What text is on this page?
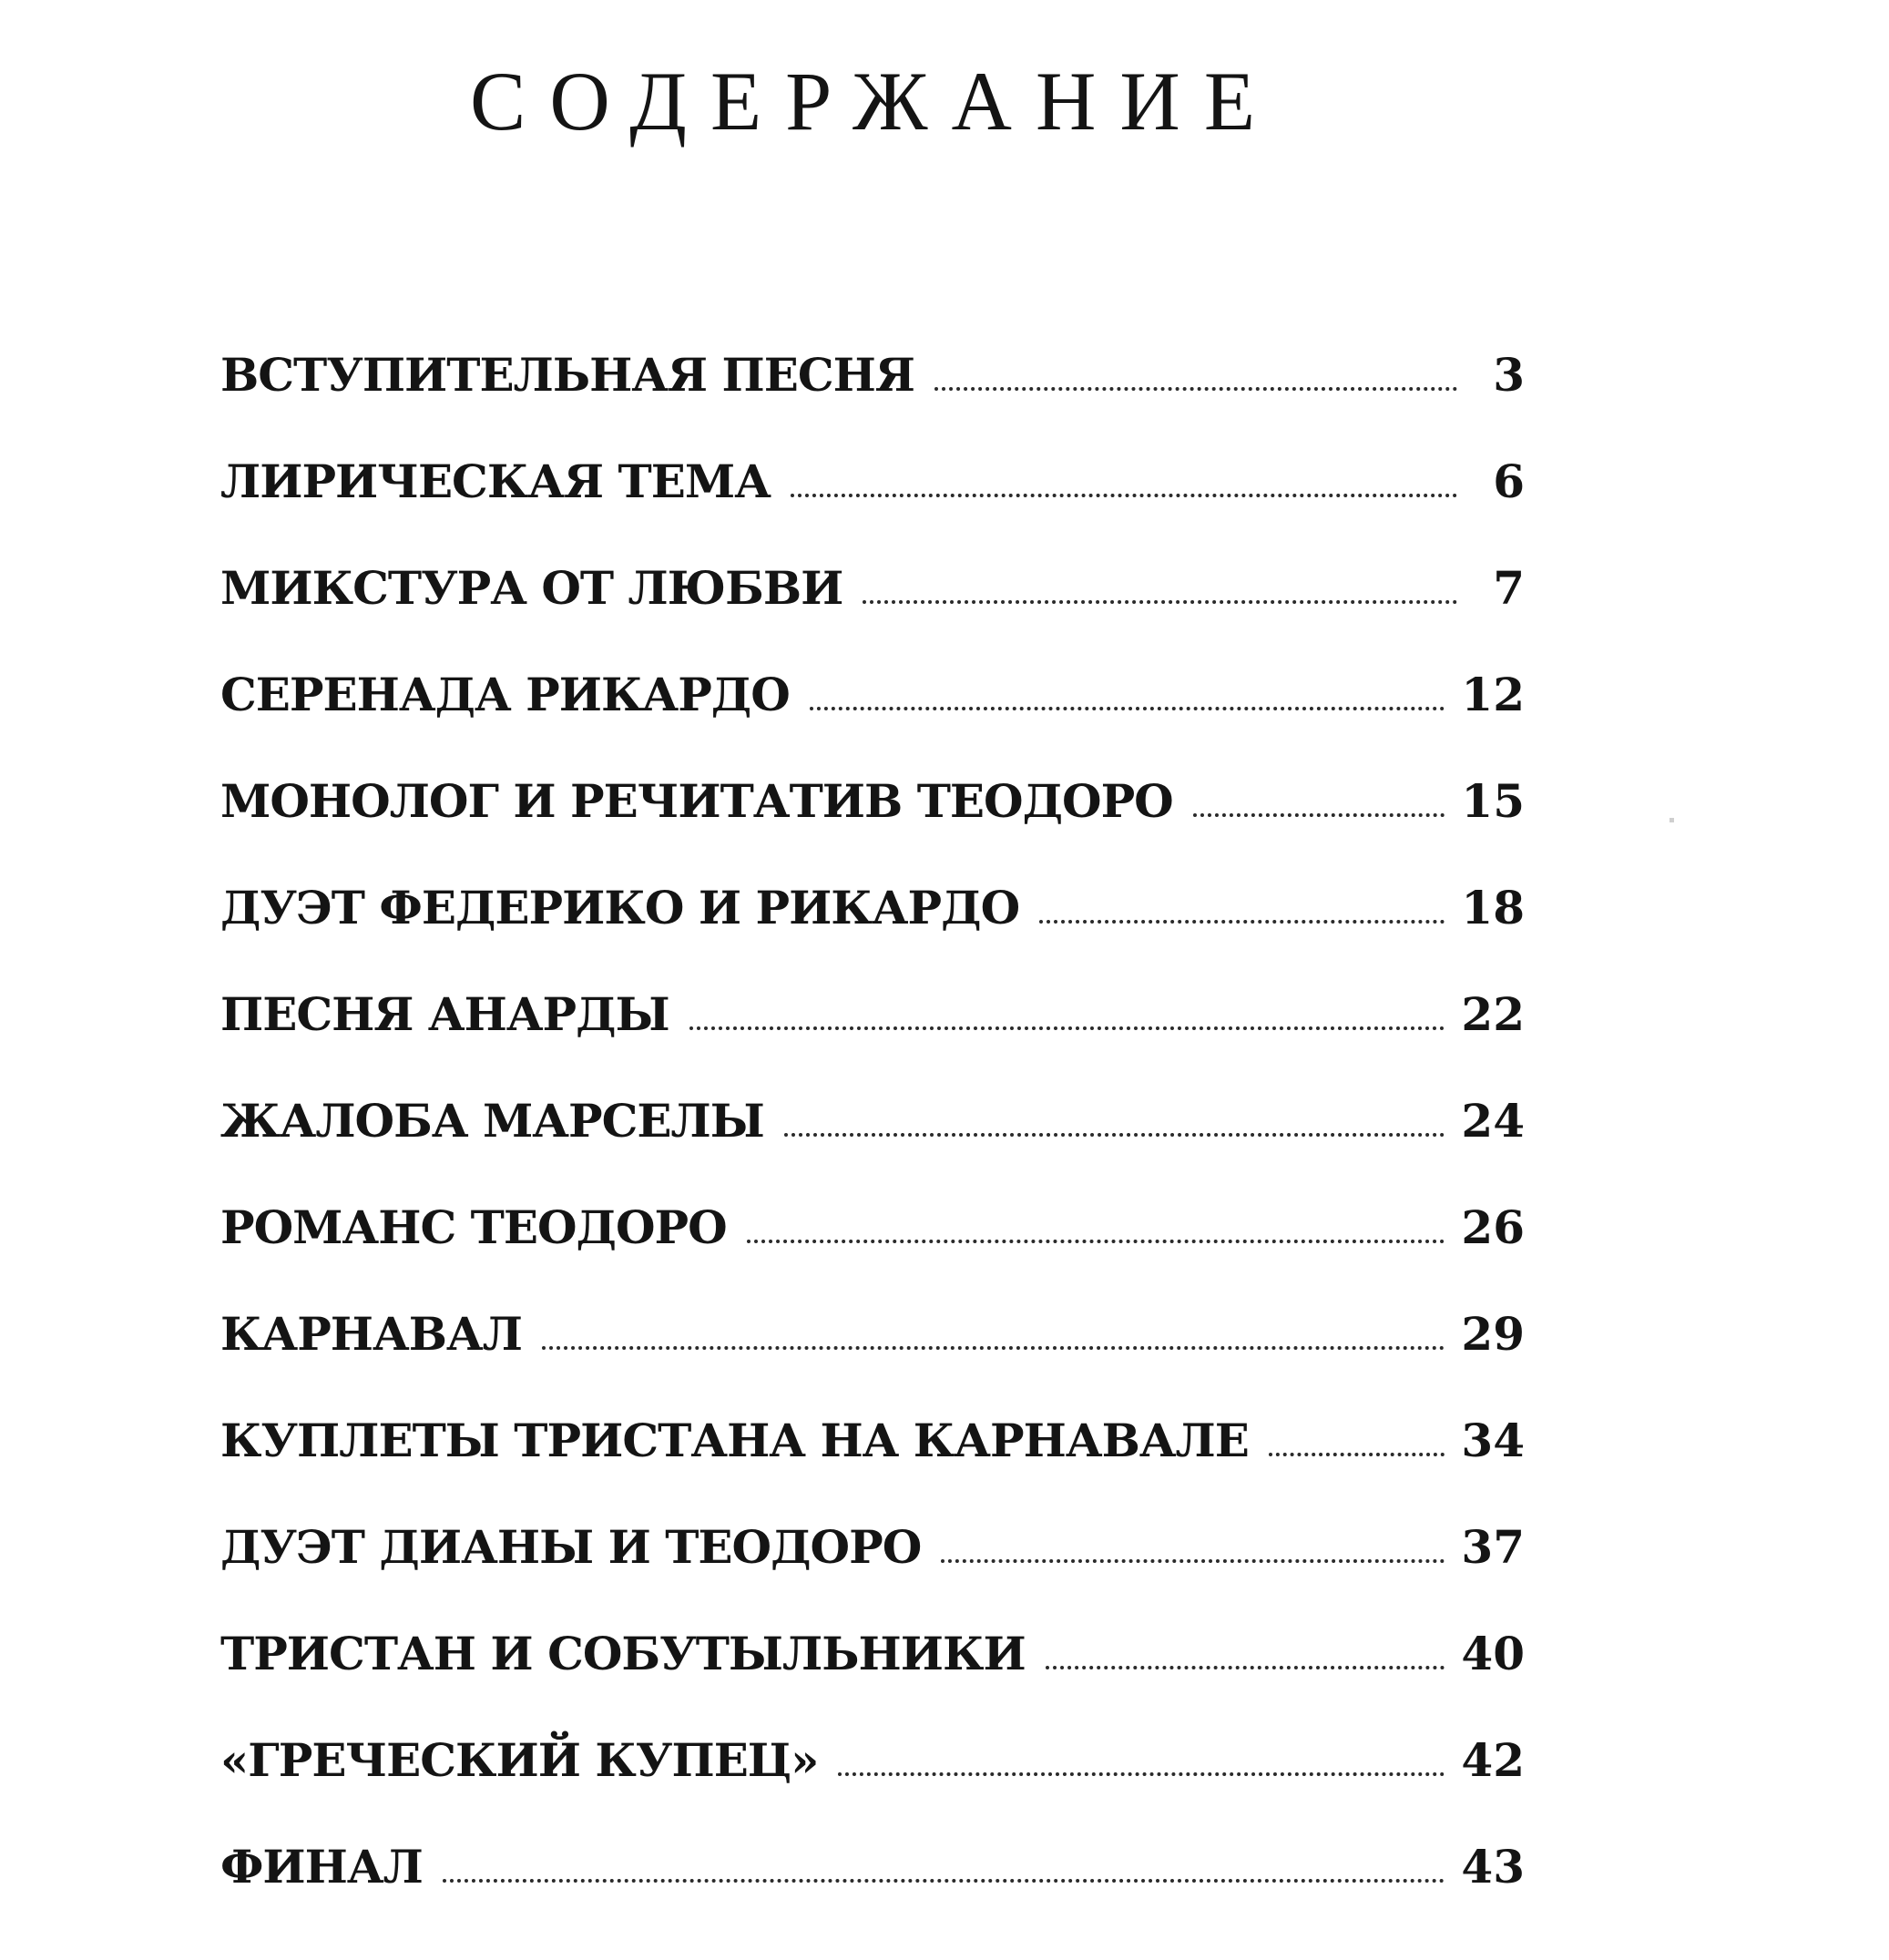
СОДЕРЖАНИЕ
ВСТУПИТЕЛЬНАЯ ПЕСНЯ	3
ЛИРИЧЕСКАЯ ТЕМА	6
МИКСТУРА ОТ ЛЮБВИ	7
СЕРЕНАДА РИКАРДО	12
МОНОЛОГ И РЕЧИТАТИВ ТЕОДОРО	15
ДУЭТ ФЕДЕРИКО И РИКАРДО	18
ПЕСНЯ АНАРДЫ	22
ЖАЛОБА МАРСЕЛЫ	24
РОМАНС ТЕОДОРО	26
КАРНАВАЛ	29
КУПЛЕТЫ ТРИСТАНА НА КАРНАВАЛЕ	34
ДУЭТ ДИАНЫ И ТЕОДОРО	37
ТРИСТАН И СОБУТЫЛЬНИКИ	40
«ГРЕЧЕСКИЙ КУПЕЦ»	42
ФИНАЛ	43
